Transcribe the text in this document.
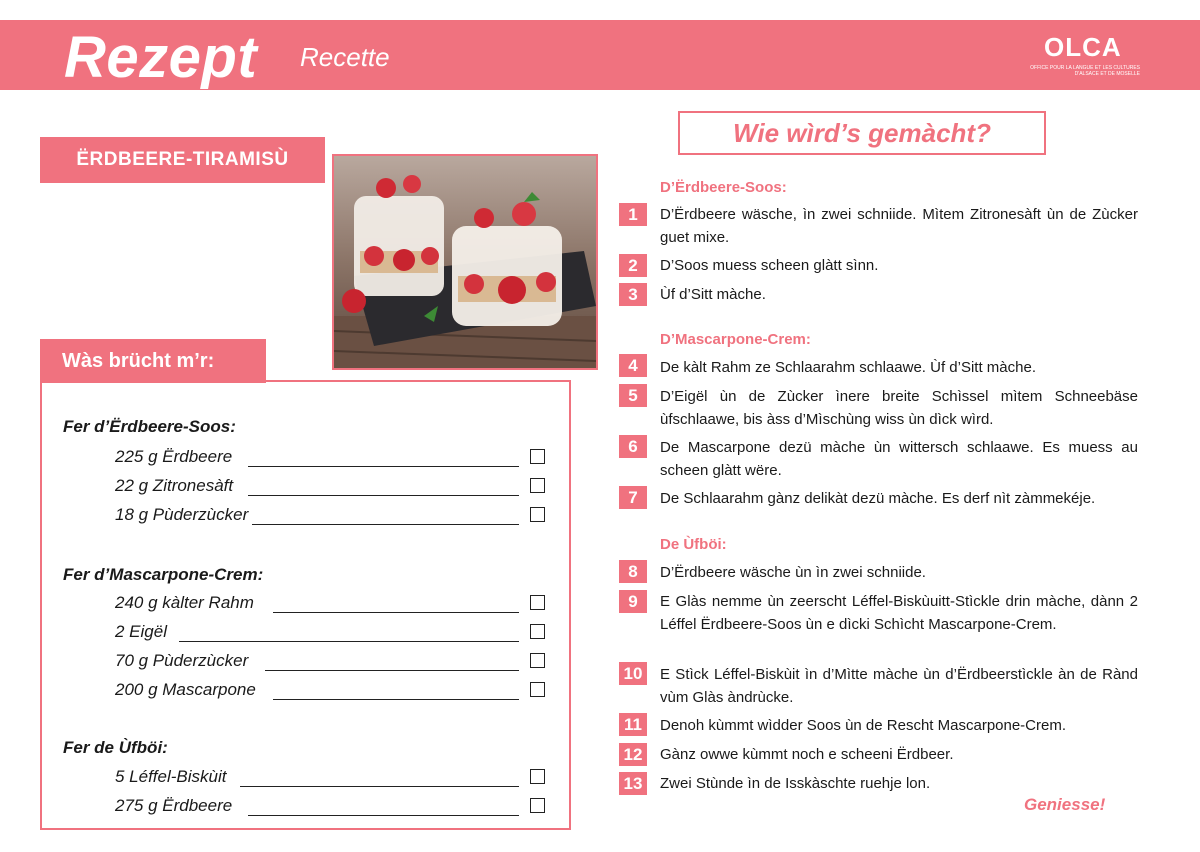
Rezept Recette	OLCA
OFFICE POUR LA LANGUE ET LES CULTURES D'ALSACE ET DE MOSELLE
ËRDBEERE-TIRAMISÙ
Wàs brücht m’r:
Fer d’Ërdbeere-Soos:
225 g Ërdbeere
22 g Zitronesàft
18 g Pùderzùcker
Fer d’Mascarpone-Crem:
240 g kàlter Rahm
2 Eigël
70 g Pùderzùcker
200 g Mascarpone
Fer de Ùfböi:
5 Léffel-Biskùit
275 g Ërdbeere
Wie wìrd’s gemàcht?
D’Ërdbeere-Soos:
1	D’Ërdbeere wäsche, ìn zwei schniide. Mìtem Zitronesàft ùn de Zùcker guet mixe.
2	D’Soos muess scheen glàtt sìnn.
3	Ùf d’Sitt màche.
D’Mascarpone-Crem:
4	De kàlt Rahm ze Schlaarahm schlaawe. Ùf d’Sitt màche.
5	D’Eigël ùn de Zùcker ìnere breite Schìssel mìtem Schneebäse ùfschlaawe, bis àss d’Mìschùng wiss ùn dìck wìrd.
6	De Mascarpone dezü màche ùn wittersch schlaawe. Es muess au scheen glàtt wëre.
7	De Schlaarahm gànz delikàt dezü màche. Es derf nìt zàmmekéje.
De Ùfböi:
8	D’Ërdbeere wäsche ùn ìn zwei schniide.
9	E Glàs nemme ùn zeerscht Léffel-Biskùuitt-Stìckle drin màche, dànn 2 Léffel Ërdbeere-Soos ùn e dìcki Schìcht Mascarpone-Crem.
10	E Stìck Léffel-Biskùit ìn d’Mìtte màche ùn d’Ërdbeerstìckle àn de Rànd vùm Glàs àndrùcke.
11	Denoh kùmmt wìdder Soos ùn de Rescht Mascarpone-Crem.
12	Gànz owwe kùmmt noch e scheeni Ërdbeer.
13	Zwei Stùnde ìn de Isskàschte ruehje lon.
Geniesse!
